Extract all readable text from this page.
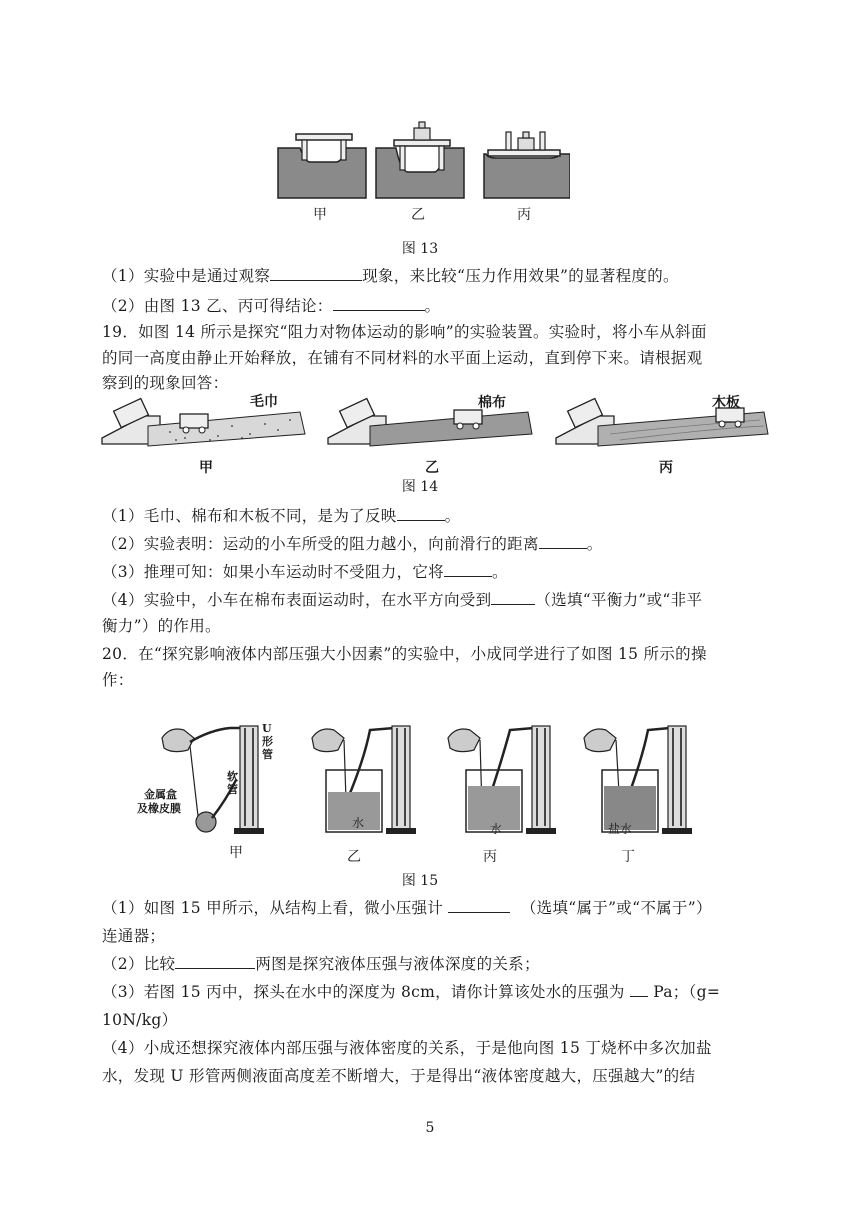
甲	乙	丙
图 13
（1）实验中是通过观察	现象，来比较“压力作用效果”的显著程度的。
（2）由图 13 乙、丙可得结论：	。
19．如图 14 所示是探究“阻力对物体运动的影响”的实验装置。实验时，将小车从斜面
的同一高度由静止开始释放，在铺有不同材料的水平面上运动，直到停下来。请根据观
察到的现象回答：
毛巾	棉布	木板
甲	乙	丙
图 14
（1）毛巾、棉布和木板不同，是为了反映	。
（2）实验表明：运动的小车所受的阻力越小，向前滑行的距离	。
（3）推理可知：如果小车运动时不受阻力，它将	。
（4）实验中，小车在棉布表面运动时，在水平方向受到	（选填“平衡力”或“非平
衡力”）的作用。
20．在“探究影响液体内部压强大小因素”的实验中，小成同学进行了如图 15 所示的操
作：
U形管
软管
金属盒
及橡皮膜
水	水	盐水
甲	乙	丙	丁
图 15
（1）如图 15 甲所示，从结构上看，微小压强计	（选填“属于”或“不属于”）
连通器；
（2）比较	两图是探究液体压强与液体深度的关系；
（3）若图 15 丙中，探头在水中的深度为 8cm，请你计算该处水的压强为 Pa；（g=
10N/kg）
（4）小成还想探究液体内部压强与液体密度的关系，于是他向图 15 丁烧杯中多次加盐
水，发现 U 形管两侧液面高度差不断增大，于是得出“液体密度越大，压强越大”的结
5
